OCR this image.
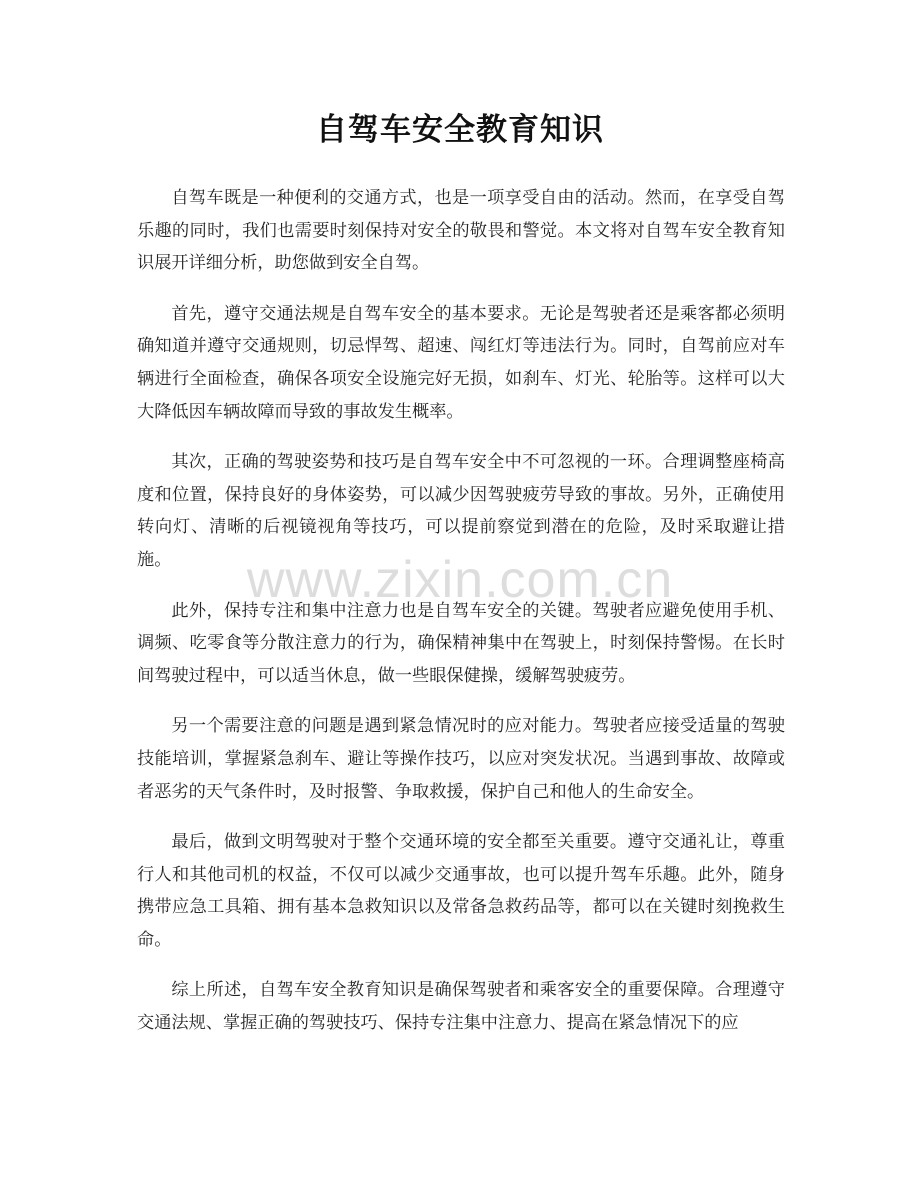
自驾车安全教育知识

自驾车既是一种便利的交通方式，也是一项享受自由的活动。然而，在享受自驾乐趣的同时，我们也需要时刻保持对安全的敬畏和警觉。本文将对自驾车安全教育知识展开详细分析，助您做到安全自驾。

首先，遵守交通法规是自驾车安全的基本要求。无论是驾驶者还是乘客都必须明确知道并遵守交通规则，切忌悍驾、超速、闯红灯等违法行为。同时，自驾前应对车辆进行全面检查，确保各项安全设施完好无损，如刹车、灯光、轮胎等。这样可以大大降低因车辆故障而导致的事故发生概率。

其次，正确的驾驶姿势和技巧是自驾车安全中不可忽视的一环。合理调整座椅高度和位置，保持良好的身体姿势，可以减少因驾驶疲劳导致的事故。另外，正确使用转向灯、清晰的后视镜视角等技巧，可以提前察觉到潜在的危险，及时采取避让措施。

此外，保持专注和集中注意力也是自驾车安全的关键。驾驶者应避免使用手机、调频、吃零食等分散注意力的行为，确保精神集中在驾驶上，时刻保持警惕。在长时间驾驶过程中，可以适当休息，做一些眼保健操，缓解驾驶疲劳。

另一个需要注意的问题是遇到紧急情况时的应对能力。驾驶者应接受适量的驾驶技能培训，掌握紧急刹车、避让等操作技巧，以应对突发状况。当遇到事故、故障或者恶劣的天气条件时，及时报警、争取救援，保护自己和他人的生命安全。

最后，做到文明驾驶对于整个交通环境的安全都至关重要。遵守交通礼让，尊重行人和其他司机的权益，不仅可以减少交通事故，也可以提升驾车乐趣。此外，随身携带应急工具箱、拥有基本急救知识以及常备急救药品等，都可以在关键时刻挽救生命。

综上所述，自驾车安全教育知识是确保驾驶者和乘客安全的重要保障。合理遵守交通法规、掌握正确的驾驶技巧、保持专注集中注意力、提高在紧急情况下的应

www.zixin.com.cn
